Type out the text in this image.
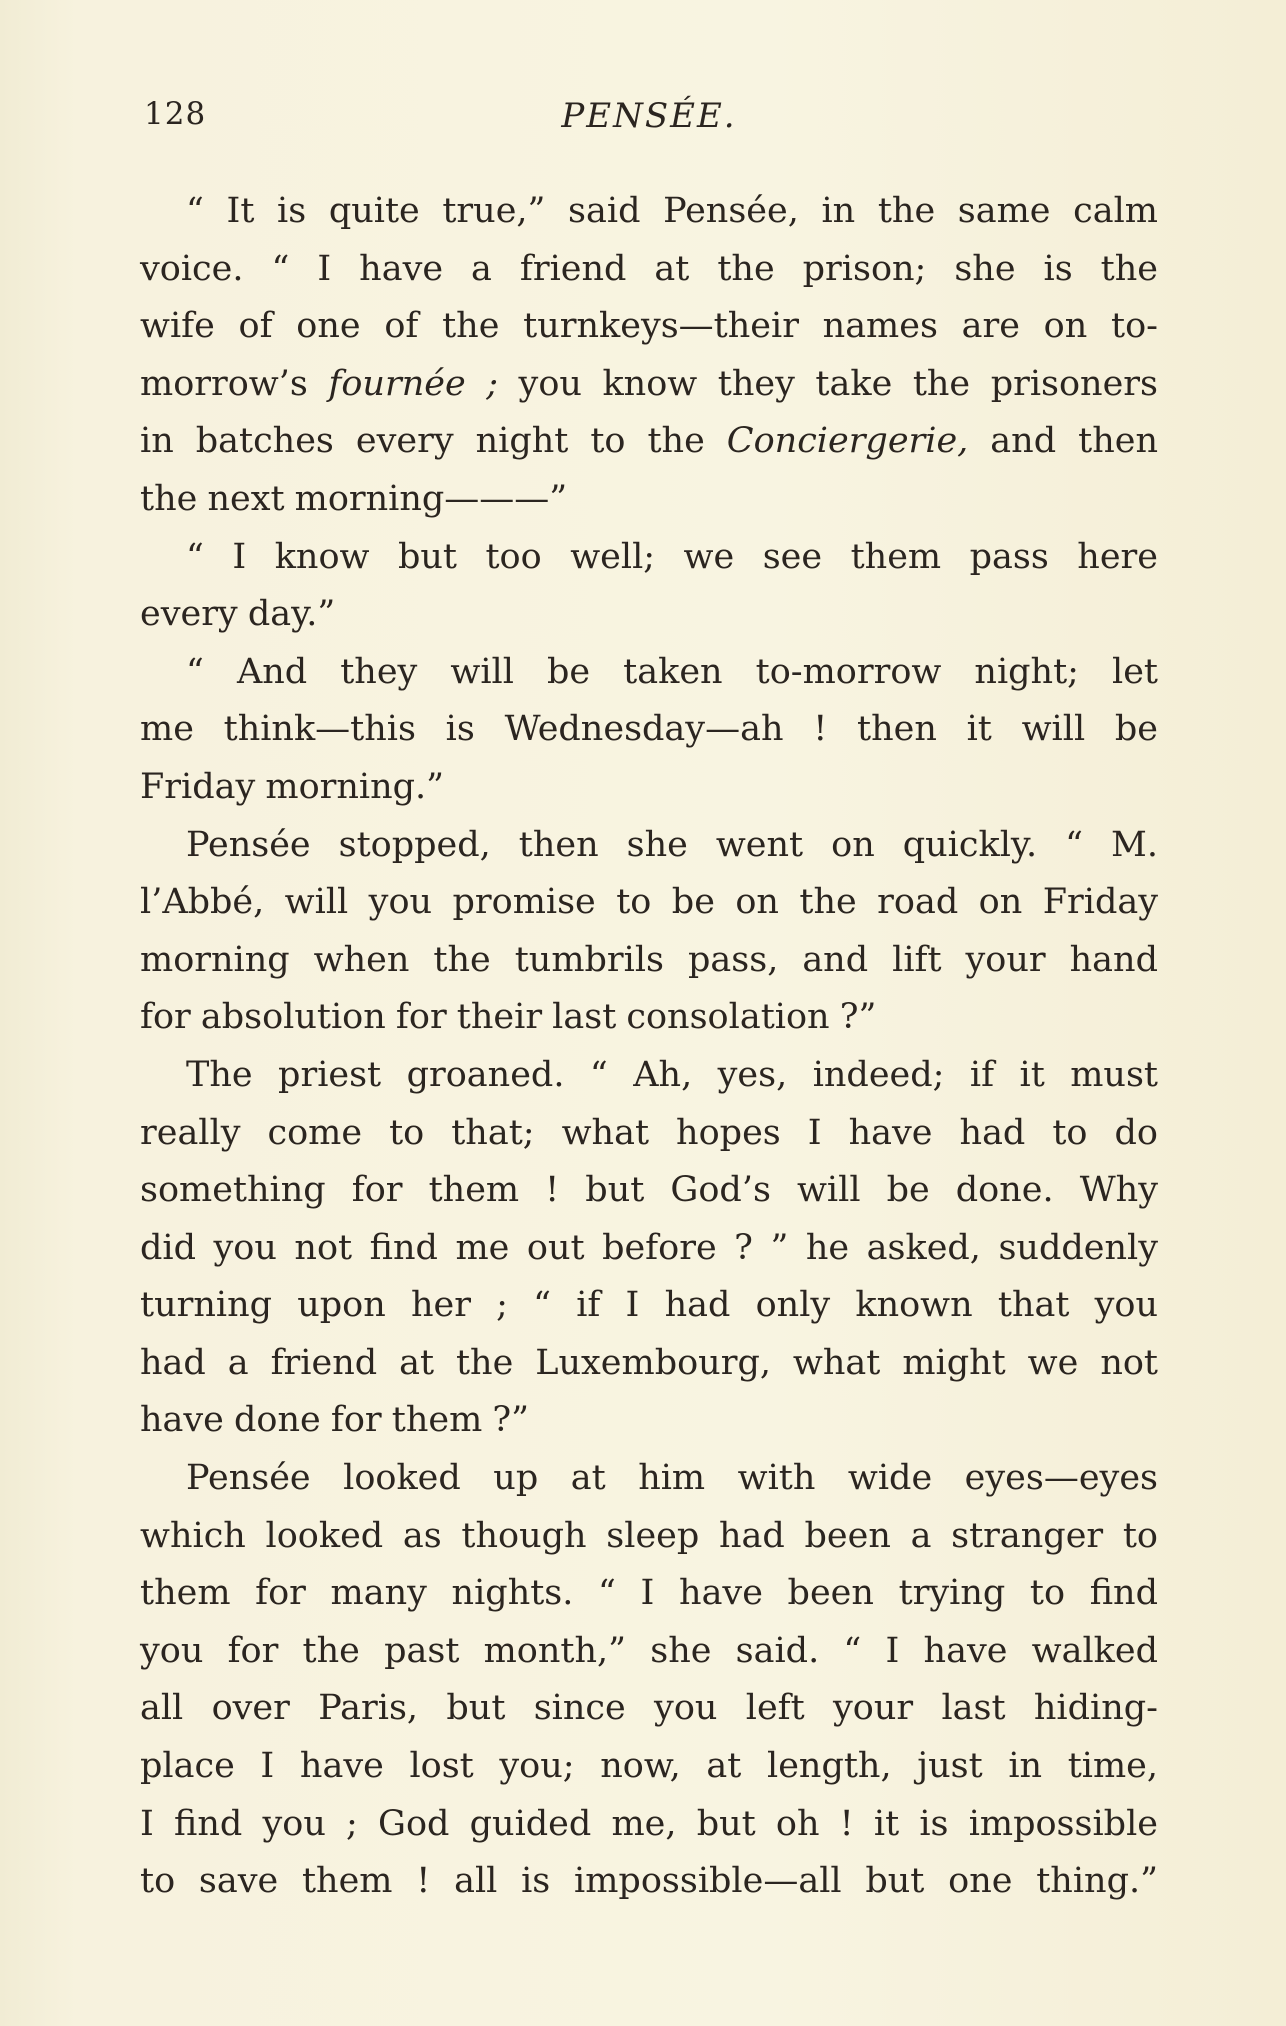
128	PENSÉE.
“ It is quite true,” said Pensée, in the same calm
voice. “ I have a friend at the prison; she is the
wife of one of the turnkeys—their names are on to-
morrow’s fournée ; you know they take the prisoners
in batches every night to the Conciergerie, and then
the next morning———”
“ I know but too well; we see them pass here
every day.”
“ And they will be taken to-morrow night; let
me think—this is Wednesday—ah ! then it will be
Friday morning.”
Pensée stopped, then she went on quickly. “ M.
l’Abbé, will you promise to be on the road on Friday
morning when the tumbrils pass, and lift your hand
for absolution for their last consolation ?”
The priest groaned. “ Ah, yes, indeed; if it must
really come to that; what hopes I have had to do
something for them ! but God’s will be done. Why
did you not find me out before ? ” he asked, suddenly
turning upon her ; “ if I had only known that you
had a friend at the Luxembourg, what might we not
have done for them ?”
Pensée looked up at him with wide eyes—eyes
which looked as though sleep had been a stranger to
them for many nights. “ I have been trying to find
you for the past month,” she said. “ I have walked
all over Paris, but since you left your last hiding-
place I have lost you; now, at length, just in time,
I find you ; God guided me, but oh ! it is impossible
to save them ! all is impossible—all but one thing.”
